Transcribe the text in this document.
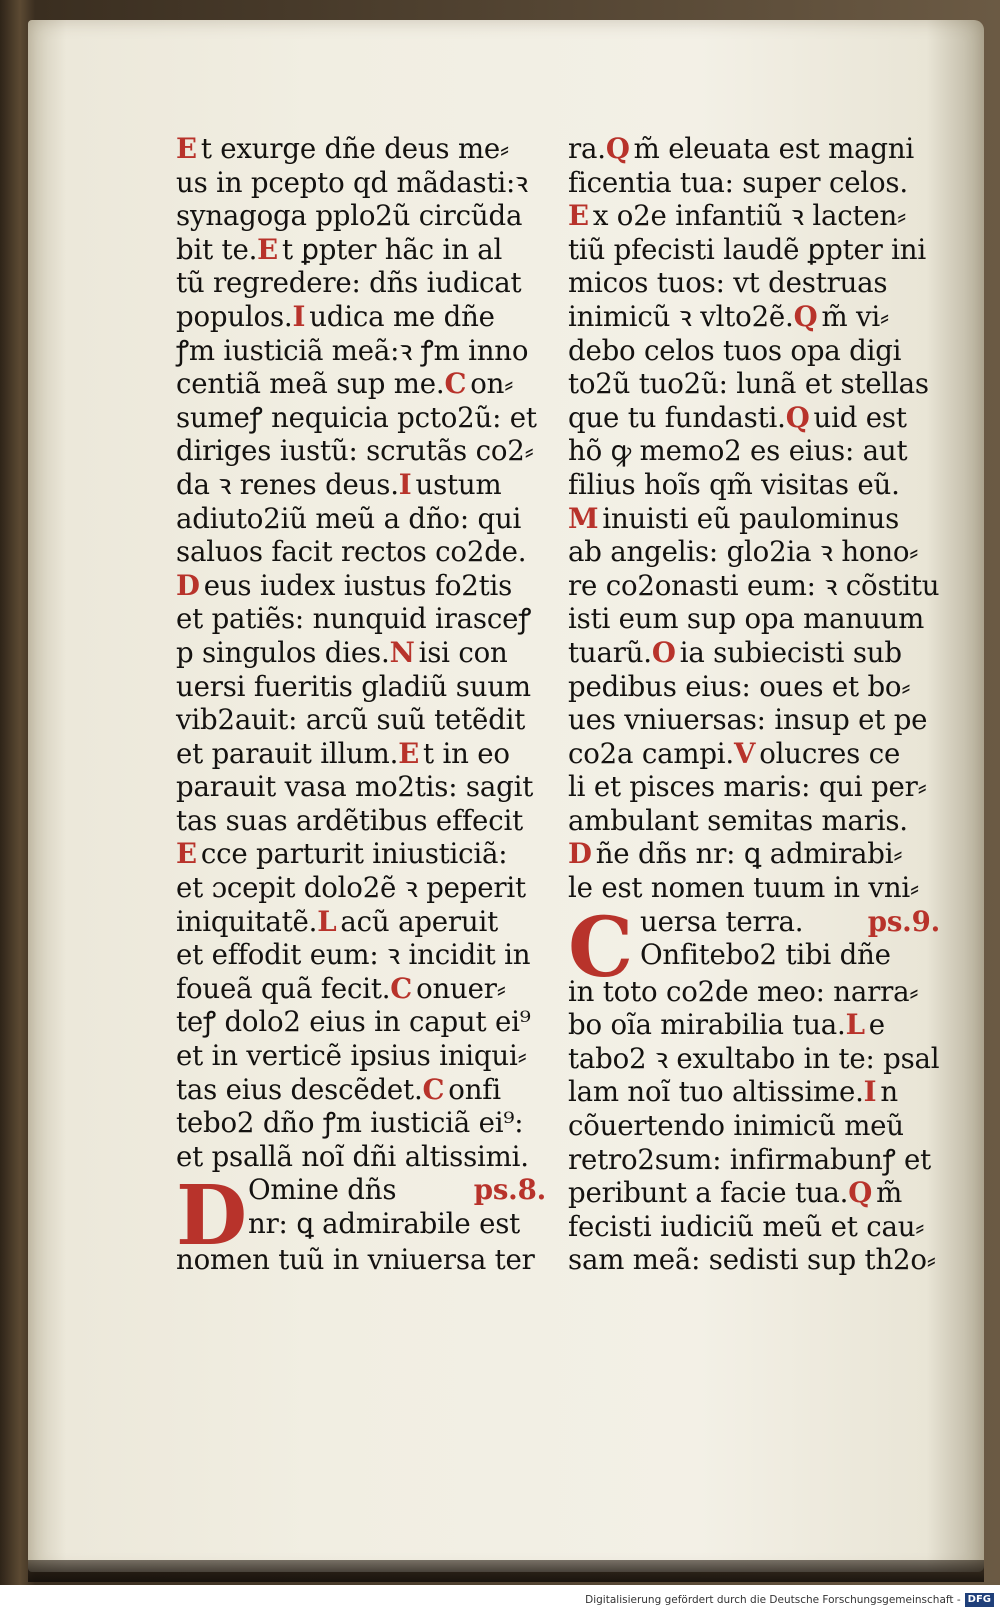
E t exurge dñe deus me⸗
us in pcepto qd mãdasti:ꝛ
synagoga pplo2ũ circũda
bit te. E t ꝑpter hãc in al
tũ regredere: dñs iudicat
populos. I udica me dñe
ꝭm iusticiã meã:ꝛ ꝭm inno
centiã meã sup me. C on⸗
sumeꝭ nequicia pcto2ũ: et
diriges iustũ: scrutãs co2⸗
da ꝛ renes deus. I ustum
adiuto2iũ meũ a dño: qui
saluos facit rectos co2de.
D eus iudex iustus fo2tis
et patiẽs: nunquid irasceꝭ
p singulos dies. N isi con
uersi fueritis gladiũ suum
vib2auit: arcũ suũ tetẽdit
et parauit illum. E t in eo
parauit vasa mo2tis: sagit
tas suas ardẽtibus effecit
E cce parturit iniusticiã:
et ɔcepit dolo2ẽ ꝛ peperit
iniquitatẽ. L acũ aperuit
et effodit eum: ꝛ incidit in
foueã quã fecit. C onuer⸗
teꝭ dolo2 eius in caput ei⁹
et in verticẽ ipsius iniqui⸗
tas eius descẽdet. C onfi
tebo2 dño ꝭm iusticiã ei⁹:
et psallã noĩ dñi altissimi.
D Omine dñs	ps.8.
nr: ꝗ admirabile est
nomen tuũ in vniuersa ter
ra. Q m̃ eleuata est magni
ficentia tua: super celos.
E x o2e infantiũ ꝛ lacten⸗
tiũ pfecisti laudẽ ꝑpter ini
micos tuos: vt destruas
inimicũ ꝛ vlto2ẽ. Q m̃ vi⸗
debo celos tuos opa digi
to2ũ tuo2ũ: lunã et stellas
que tu fundasti. Q uid est
hõ ꝙ memo2 es eius: aut
filius hoĩs qm̃ visitas eũ.
M inuisti eũ paulominus
ab angelis: glo2ia ꝛ hono⸗
re co2onasti eum: ꝛ cõstitu
isti eum sup opa manuum
tuarũ. O ia subiecisti sub
pedibus eius: oues et bo⸗
ues vniuersas: insup et pe
co2a campi. V olucres ce
li et pisces maris: qui per⸗
ambulant semitas maris.
D ñe dñs nr: ꝗ admirabi⸗
le est nomen tuum in vni⸗
C uersa terra. ps.9.
Onfitebo2 tibi dñe
in toto co2de meo: narra⸗
bo oĩa mirabilia tua. L e
tabo2 ꝛ exultabo in te: psal
lam noĩ tuo altissime. I n
cõuertendo inimicũ meũ
retro2sum: infirmabunꝭ et
peribunt a facie tua. Q m̃
fecisti iudiciũ meũ et cau⸗
sam meã: sedisti sup th2o⸗
Digitalisierung gefördert durch die Deutsche Forschungsgemeinschaft - DFG
